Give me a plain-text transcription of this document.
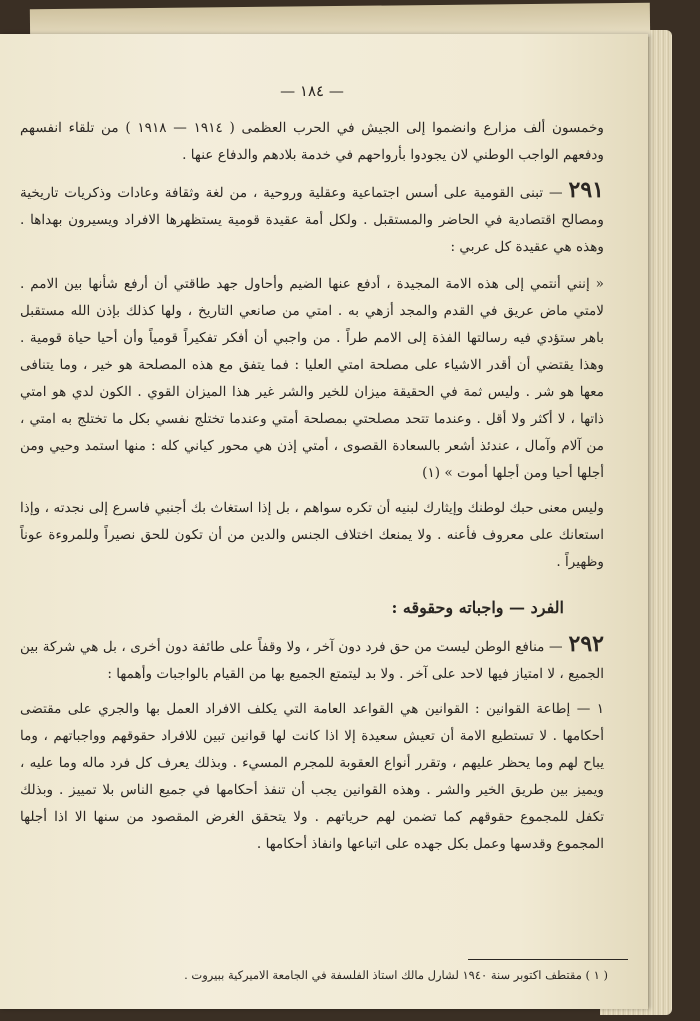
— ١٨٤ —

وخمسون ألف مزارع وانضموا إلى الجيش في الحرب العظمى ( ١٩١٤ — ١٩١٨ ) من تلقاء انفسهم ودفعهم الواجب الوطني لان يجودوا بأرواحهم في خدمة بلادهم والدفاع عنها .

٢٩١— تبنى القومية على أسس اجتماعية وعقلية وروحية ، من لغة وثقافة وعادات وذكريات تاريخية ومصالح اقتصادية في الحاضر والمستقبل . ولكل أمة عقيدة قومية يستظهرها الافراد ويسيرون بهداها . وهذه هي عقيدة كل عربي :

« إنني أنتمي إلى هذه الامة المجيدة ، أدفع عنها الضيم وأحاول جهد طاقتي أن أرفع شأنها بين الامم . لامتي ماض عريق في القدم والمجد أزهي به . امتي من صانعي التاريخ ، ولها كذلك بإذن الله مستقبل باهر ستؤدي فيه رسالتها الفذة إلى الامم طراً . من واجبي أن أفكر تفكيراً قومياً وأن أحيا حياة قومية . وهذا يقتضي أن أقدر الاشياء على مصلحة امتي العليا : فما يتفق مع هذه المصلحة هو خير ، وما يتنافى معها هو شر . وليس ثمة في الحقيقة ميزان للخير والشر غير هذا الميزان القوي . الكون لدي هو امتي ذاتها ، لا أكثر ولا أقل . وعندما تتحد مصلحتي بمصلحة أمتي وعندما تختلج نفسي بكل ما تختلج به امتي ، من آلام وآمال ، عندئذ أشعر بالسعادة القصوى ، أمتي إذن هي محور كياني كله : منها استمد وحيي ومن أجلها أحيا ومن أجلها أموت » (١)

وليس معنى حبك لوطنك وإيثارك لبنيه أن تكره سواهم ، بل إذا استغاث بك أجنبي فاسرع إلى نجدته ، وإذا استعانك على معروف فأعنه . ولا يمنعك اختلاف الجنس والدين من أن تكون للحق نصيراً وللمروءة عوناً وظهيراً .

الفرد — واجباته وحقوقه :

٢٩٢— منافع الوطن ليست من حق فرد دون آخر ، ولا وقفاً على طائفة دون أخرى ، بل هي شركة بين الجميع ، لا امتياز فيها لاحد على آخر . ولا بد ليتمتع الجميع بها من القيام بالواجبات وأهمها :

١ — إطاعة القوانين : القوانين هي القواعد العامة التي يكلف الافراد العمل بها والجري على مقتضى أحكامها . لا تستطيع الامة أن تعيش سعيدة إلا اذا كانت لها قوانين تبين للافراد حقوقهم وواجباتهم ، وما يباح لهم وما يحظر عليهم ، وتقرر أنواع العقوبة للمجرم المسيء . وبذلك يعرف كل فرد ماله وما عليه ، ويميز بين طريق الخير والشر . وهذه القوانين يجب أن تنفذ أحكامها في جميع الناس بلا تمييز . وبذلك تكفل للمجموع حقوقهم كما تضمن لهم حرياتهم . ولا يتحقق الغرض المقصود من سنها الا اذا أجلها المجموع وقدسها وعمل بكل جهده على اتباعها وانفاذ أحكامها .

( ١ ) مقتطف اكتوبر سنة ١٩٤٠ لشارل مالك استاذ الفلسفة في الجامعة الاميركية ببيروت .
